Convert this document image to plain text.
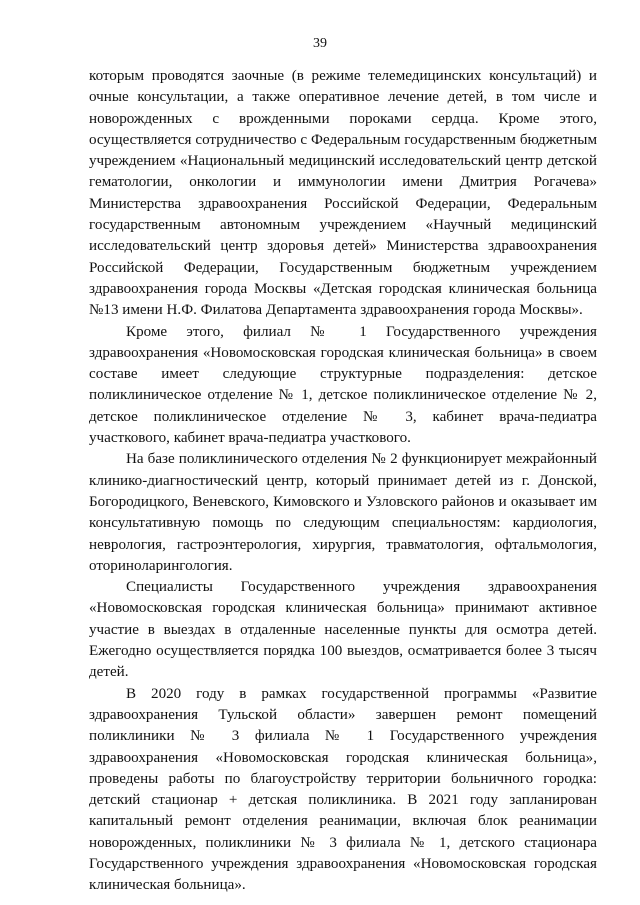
39

которым проводятся заочные (в режиме телемедицинских консультаций) и очные консультации, а также оперативное лечение детей, в том числе и новорожденных с врожденными пороками сердца. Кроме этого, осуществляется сотрудничество с Федеральным государственным бюджетным учреждением «Национальный медицинский исследовательский центр детской гематологии, онкологии и иммунологии имени Дмитрия Рогачева» Министерства здравоохранения Российской Федерации, Федеральным государственным автономным учреждением «Научный медицинский исследовательский центр здоровья детей» Министерства здравоохранения Российской Федерации, Государственным бюджетным учреждением здравоохранения города Москвы «Детская городская клиническая больница №13 имени Н.Ф. Филатова Департамента здравоохранения города Москвы».

Кроме этого, филиал № 1 Государственного учреждения здравоохранения «Новомосковская городская клиническая больница» в своем составе имеет следующие структурные подразделения: детское поликлиническое отделение № 1, детское поликлиническое отделение № 2, детское поликлиническое отделение № 3, кабинет врача-педиатра участкового, кабинет врача-педиатра участкового.

На базе поликлинического отделения № 2 функционирует межрайонный клинико-диагностический центр, который принимает детей из г. Донской, Богородицкого, Веневского, Кимовского и Узловского районов и оказывает им консультативную помощь по следующим специальностям: кардиология, неврология, гастроэнтерология, хирургия, травматология, офтальмология, оториноларингология.

Специалисты Государственного учреждения здравоохранения «Новомосковская городская клиническая больница» принимают активное участие в выездах в отдаленные населенные пункты для осмотра детей. Ежегодно осуществляется порядка 100 выездов, осматривается более 3 тысяч детей.

В 2020 году в рамках государственной программы «Развитие здравоохранения Тульской области» завершен ремонт помещений поликлиники № 3 филиала № 1 Государственного учреждения здравоохранения «Новомосковская городская клиническая больница», проведены работы по благоустройству территории больничного городка: детский стационар + детская поликлиника. В 2021 году запланирован капитальный ремонт отделения реанимации, включая блок реанимации новорожденных, поликлиники № 3 филиала № 1, детского стационара Государственного учреждения здравоохранения «Новомосковская городская клиническая больница».
